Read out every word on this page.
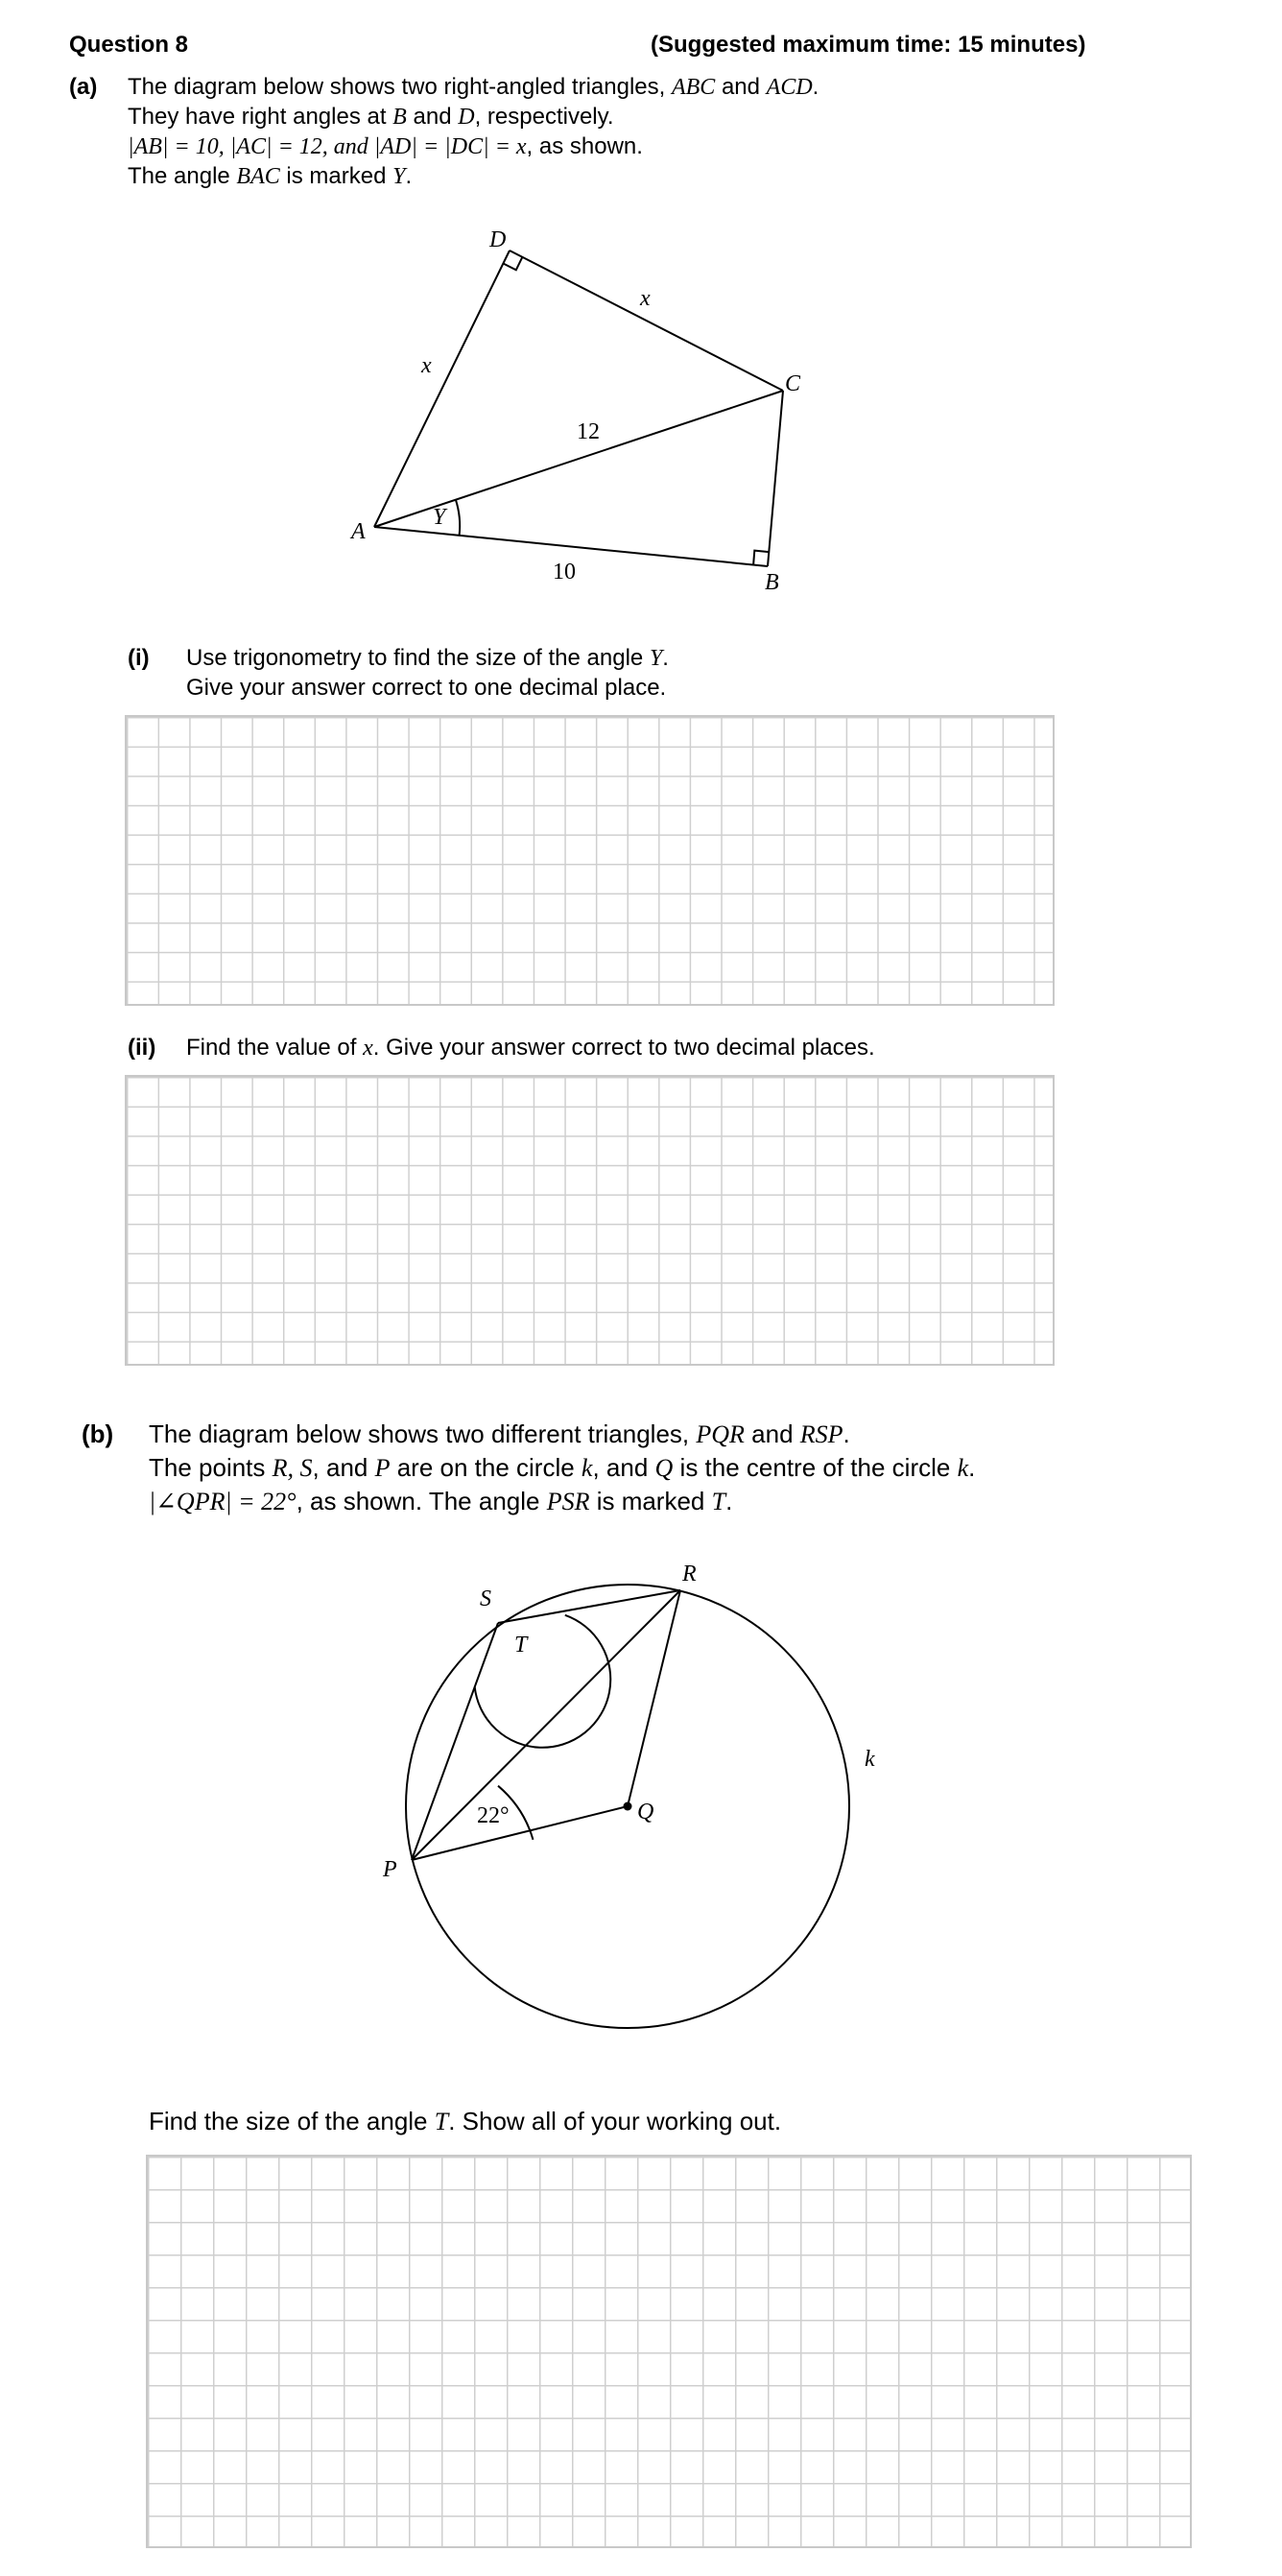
Question 8	(Suggested maximum time: 15 minutes)
(a) The diagram below shows two right-angled triangles, ABC and ACD.
They have right angles at B and D, respectively.
|AB| = 10, |AC| = 12, and |AD| = |DC| = x, as shown.
The angle BAC is marked Y.
A
D
C
B
x
x
12
10
Y
(i) Use trigonometry to find the size of the angle Y.
Give your answer correct to one decimal place.
(ii) Find the value of x. Give your answer correct to two decimal places.
(b) The diagram below shows two different triangles, PQR and RSP.
The points R, S, and P are on the circle k, and Q is the centre of the circle k.
|∠QPR| = 22°, as shown. The angle PSR is marked T.
P
Q
R
S
k
22°
T
Find the size of the angle T. Show all of your working out.
